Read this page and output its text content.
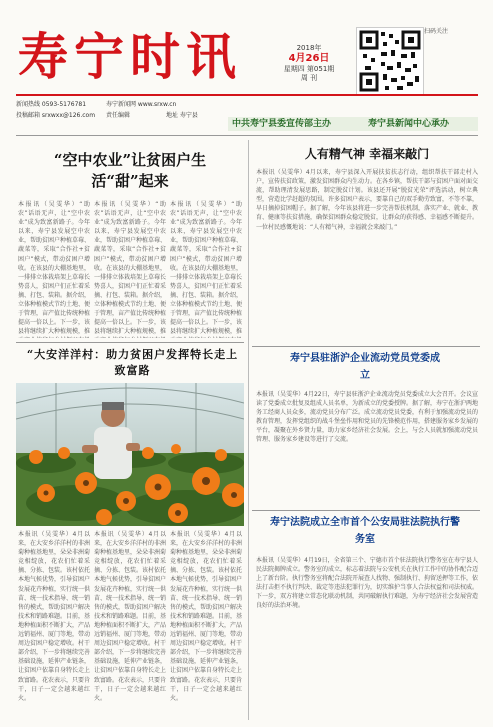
寿宁时讯	2018年
4月26日
星期四 第051期
周 刊
扫码关注
新闻热线 0593-5176781
投稿邮箱 srxwxx@126.com
寿宁新闻网 www.srxw.cn
责任编辑	地址 寿宁县
中共寿宁县委宣传部主办	寿宁县新闻中心承办
“空中农业”让贫困户生活“甜”起来
本报讯（吴雯华）“助农”话语无声，让“空中农业”成为致富新路子。今年以来，寿宁县发展空中农业，帮助贫困户种植草莓、蔬菜等，采取“合作社+贫困户”模式，带动贫困户增收。在该县的大棚基地里，一排排立体栽培架上草莓长势喜人，贫困户们正忙着采摘、打包、装箱。据介绍，立体种植模式节约土地、便于管理，亩产值比传统种植提高一倍以上。下一步，该县将继续扩大种植规模，推
本报讯（吴雯华）“助农”话语无声，让“空中农业”成为致富新路子。今年以来，寿宁县发展空中农业，帮助贫困户种植草莓、蔬菜等，采取“合作社+贫困户”模式，带动贫困户增收。在该县的大棚基地里，一排排立体栽培架上草莓长势喜人，贫困户们正忙着采摘、打包、装箱。据介绍，立体种植模式节约土地、便于管理，亩产值比传统种植提高一倍以上。下一步，该县将继续扩大种植规模，推
本报讯（吴雯华）“助农”话语无声，让“空中农业”成为致富新路子。今年以来，寿宁县发展空中农业，帮助贫困户种植草莓、蔬菜等，采取“合作社+贫困户”模式，带动贫困户增收。在该县的大棚基地里，一排排立体栽培架上草莓长势喜人，贫困户们正忙着采摘、打包、装箱。据介绍，立体种植模式节约土地、便于管理，亩产值比传统种植提高一倍以上。下一步，该县将继续扩大种植规模，推
“大安洋洋村：助力贫困户发挥特长走上致富路
本报讯（吴雯华）4月以来，在大安乡洋洋村的非洲菊种植基地里，朵朵非洲菊竞相绽放，花农们忙着采摘、分拣、包装。该村依托本地气候优势，引导贫困户发展花卉种植，实行统一供苗、统一技术指导、统一销售的模式，帮助贫困户解决技术和销路难题。目前，基地种植面积不断扩大，产品远销福州、厦门等地，带动周边贫困户稳定增收。村干部介绍，下一步将继续完善基础设施，延伸产业链条，让贫困户依靠自身特长走上致富路。花农表示，只要肯干，日子一定会越来越红火。
本报讯（吴雯华）4月以来，在大安乡洋洋村的非洲菊种植基地里，朵朵非洲菊竞相绽放，花农们忙着采摘、分拣、包装。该村依托本地气候优势，引导贫困户发展花卉种植，实行统一供苗、统一技术指导、统一销售的模式，帮助贫困户解决技术和销路难题。目前，基地种植面积不断扩大，产品远销福州、厦门等地，带动周边贫困户稳定增收。村干部介绍，下一步将继续完善基础设施，延伸产业链条，让贫困户依靠自身特长走上致富路。花农表示，只要肯干，日子一定会越来越红火。
本报讯（吴雯华）4月以来，在大安乡洋洋村的非洲菊种植基地里，朵朵非洲菊竞相绽放，花农们忙着采摘、分拣、包装。该村依托本地气候优势，引导贫困户发展花卉种植，实行统一供苗、统一技术指导、统一销售的模式，帮助贫困户解决技术和销路难题。目前，基地种植面积不断扩大，产品远销福州、厦门等地，带动周边贫困户稳定增收。村干部介绍，下一步将继续完善基础设施，延伸产业链条，让贫困户依靠自身特长走上致富路。花农表示，只要肯干，日子一定会越来越红火。
人有精气神 幸福来敲门
本报讯（吴雯华）4月以来，寿宁县深入开展扶贫扶志行动，组织帮扶干部走村入户，宣传扶贫政策，激发贫困群众内生动力。在各乡镇，帮扶干部与贫困户面对面交流，帮助理清发展思路，制定脱贫计划。该县还开展“脱贫光荣”评选活动，树立典型，营造比学赶超的氛围。许多贫困户表示，要靠自己的双手勤劳致富，不等不靠，早日摘掉贫困帽子。据了解，今年该县将进一步完善帮扶机制，落实产业、就业、教育、健康等扶贫措施，确保贫困群众稳定脱贫，让群众的获得感、幸福感不断提升。一位村民感慨地说：“人有精气神，幸福就会来敲门。”
寿宁县驻浙沪企业流动党员党委成立
本报讯（吴雯华）4月22日，寿宁县驻浙沪企业流动党员党委成立大会召开。会议宣读了党委成立批复及组成人员名单，为新成立的党委授牌。据了解，寿宁在浙沪两地务工经商人员众多，流动党员分布广泛。成立流动党员党委，有利于加强流动党员的教育管理，发挥党组织的战斗堡垒作用和党员的先锋模范作用，搭建服务家乡发展的平台，凝聚在外乡贤力量，助力家乡经济社会发展。会上，与会人员就加强流动党员管理、服务家乡建设等进行了交流。
寿宁法院成立全市首个公安局驻法院执行警务室
本报讯（吴雯华）4月19日，全省第三个、宁德市首个驻法院执行警务室在寿宁县人民法院揭牌成立。警务室的成立，标志着法院与公安机关在执行工作中的协作配合迈上了新台阶。执行警务室将配合法院开展查人找物、强制执行、拘留送押等工作，依法打击拒不执行判决、裁定等违法犯罪行为，切实维护当事人合法权益和司法权威。下一步，双方将建立常态化联动机制，共同破解执行难题，为寿宁经济社会发展营造良好的法治环境。
